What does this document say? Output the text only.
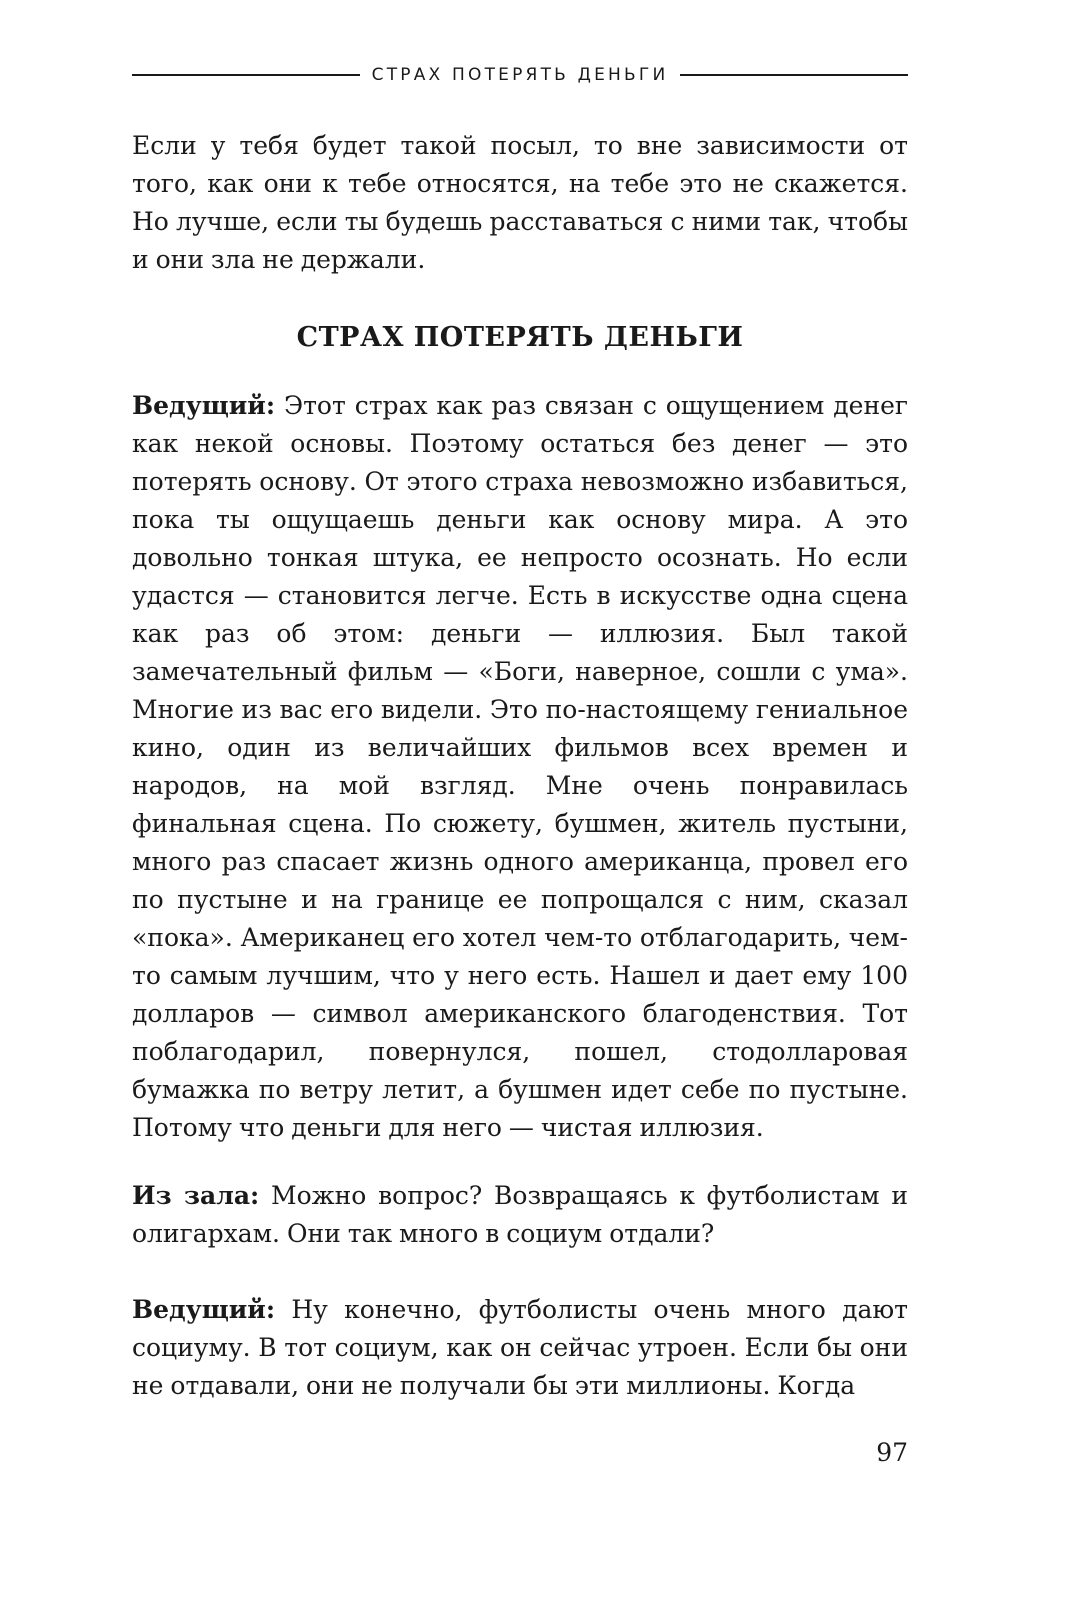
СТРАХ ПОТЕРЯТЬ ДЕНЬГИ

Если у тебя будет такой посыл, то вне зависимости от того, как они к тебе относятся, на тебе это не скажется. Но лучше, если ты будешь расставаться с ними так, чтобы и они зла не держали.

СТРАХ ПОТЕРЯТЬ ДЕНЬГИ

Ведущий: Этот страх как раз связан с ощущением денег как некой основы. Поэтому остаться без денег — это потерять основу. От этого страха невозможно избавиться, пока ты ощущаешь деньги как основу мира. А это довольно тонкая штука, ее непросто осознать. Но если удастся — становится легче. Есть в искусстве одна сцена как раз об этом: деньги — иллюзия. Был такой замечательный фильм — «Боги, наверное, сошли с ума». Многие из вас его видели. Это по-настоящему гениальное кино, один из величайших фильмов всех времен и народов, на мой взгляд. Мне очень понравилась финальная сцена. По сюжету, бушмен, житель пустыни, много раз спасает жизнь одного американца, провел его по пустыне и на границе ее попрощался с ним, сказал «пока». Американец его хотел чем-то отблагодарить, чем-то самым лучшим, что у него есть. Нашел и дает ему 100 долларов — символ американского благоденствия. Тот поблагодарил, повернулся, пошел, стодолларовая бумажка по ветру летит, а бушмен идет себе по пустыне. Потому что деньги для него — чистая иллюзия.

Из зала: Можно вопрос? Возвращаясь к футболистам и олигархам. Они так много в социум отдали?

Ведущий: Ну конечно, футболисты очень много дают социуму. В тот социум, как он сейчас утроен. Если бы они не отдавали, они не получали бы эти миллионы. Когда

97
